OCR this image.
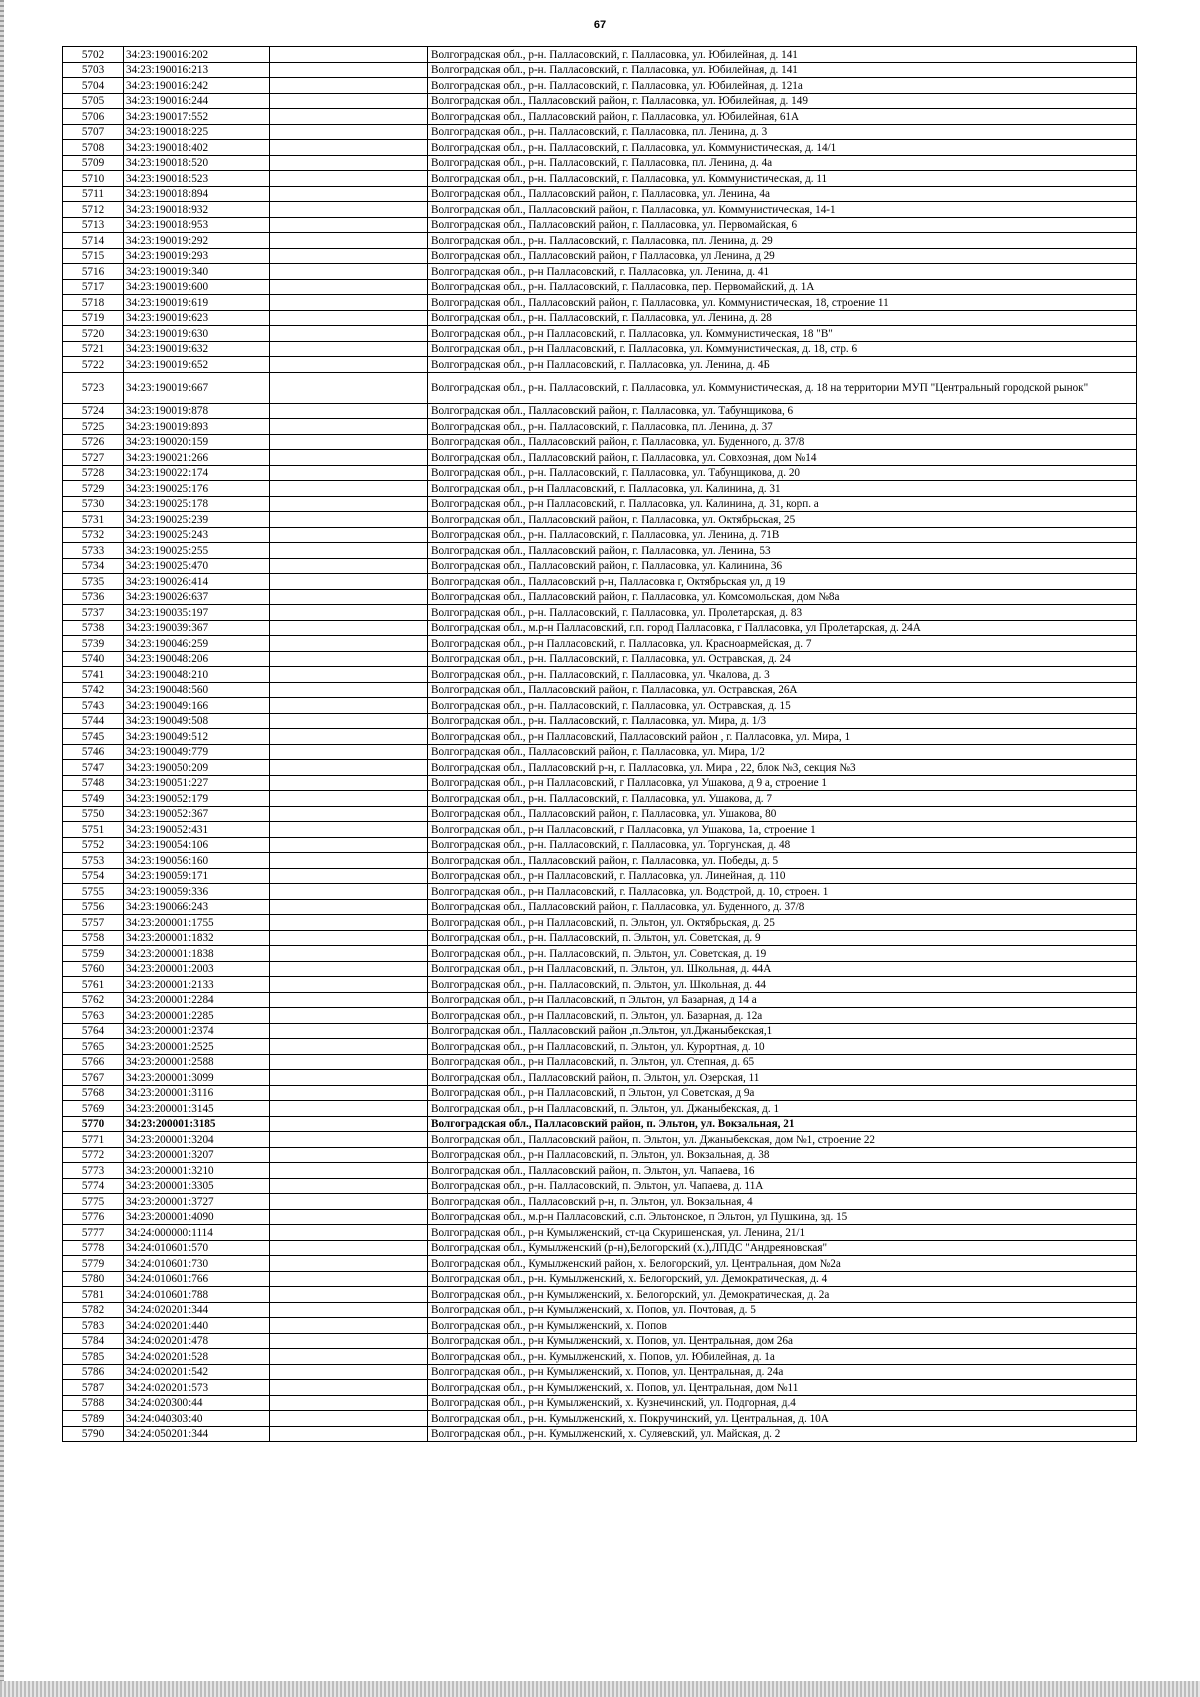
67
5702	34:23:190016:202		Волгоградская обл., р-н. Палласовский, г. Палласовка, ул. Юбилейная, д. 141
5703	34:23:190016:213		Волгоградская обл., р-н. Палласовский, г. Палласовка, ул. Юбилейная, д. 141
5704	34:23:190016:242		Волгоградская обл., р-н. Палласовский, г. Палласовка, ул. Юбилейная, д. 121а
5705	34:23:190016:244		Волгоградская обл., Палласовский район, г. Палласовка, ул. Юбилейная, д. 149
5706	34:23:190017:552		Волгоградская обл., Палласовский район, г. Палласовка, ул. Юбилейная, 61А
5707	34:23:190018:225		Волгоградская обл., р-н. Палласовский, г. Палласовка, пл. Ленина, д. 3
5708	34:23:190018:402		Волгоградская обл., р-н. Палласовский, г. Палласовка, ул. Коммунистическая, д. 14/1
5709	34:23:190018:520		Волгоградская обл., р-н. Палласовский, г. Палласовка, пл. Ленина, д. 4а
5710	34:23:190018:523		Волгоградская обл., р-н. Палласовский, г. Палласовка, ул. Коммунистическая, д. 11
5711	34:23:190018:894		Волгоградская обл., Палласовский район, г. Палласовка, ул. Ленина, 4а
5712	34:23:190018:932		Волгоградская обл., Палласовский район, г. Палласовка, ул. Коммунистическая, 14-1
5713	34:23:190018:953		Волгоградская обл., Палласовский район, г. Палласовка, ул. Первомайская, 6
5714	34:23:190019:292		Волгоградская обл., р-н. Палласовский, г. Палласовка, пл. Ленина, д. 29
5715	34:23:190019:293		Волгоградская обл., Палласовский район, г Палласовка, ул Ленина, д 29
5716	34:23:190019:340		Волгоградская обл., р-н Палласовский, г. Палласовка, ул. Ленина, д. 41
5717	34:23:190019:600		Волгоградская обл., р-н. Палласовский, г. Палласовка, пер. Первомайский, д. 1А
5718	34:23:190019:619		Волгоградская обл., Палласовский район, г. Палласовка, ул. Коммунистическая, 18, строение 11
5719	34:23:190019:623		Волгоградская обл., р-н. Палласовский, г. Палласовка, ул. Ленина, д. 28
5720	34:23:190019:630		Волгоградская обл., р-н Палласовский, г. Палласовка, ул. Коммунистическая, 18 "В"
5721	34:23:190019:632		Волгоградская обл., р-н Палласовский, г. Палласовка, ул. Коммунистическая, д. 18, стр. 6
5722	34:23:190019:652		Волгоградская обл., р-н Палласовский, г. Палласовка, ул. Ленина, д. 4Б
5723	34:23:190019:667		Волгоградская обл., р-н. Палласовский, г. Палласовка, ул. Коммунистическая, д. 18 на территории МУП "Центральный городской рынок"
5724	34:23:190019:878		Волгоградская обл., Палласовский район, г. Палласовка, ул. Табунщикова, 6
5725	34:23:190019:893		Волгоградская обл., р-н. Палласовский, г. Палласовка, пл. Ленина, д. 37
5726	34:23:190020:159		Волгоградская обл., Палласовский район, г. Палласовка, ул. Буденного, д. 37/8
5727	34:23:190021:266		Волгоградская обл., Палласовский район, г. Палласовка, ул. Совхозная, дом №14
5728	34:23:190022:174		Волгоградская обл., р-н. Палласовский, г. Палласовка, ул. Табунщикова, д. 20
5729	34:23:190025:176		Волгоградская обл., р-н Палласовский, г. Палласовка, ул. Калинина, д. 31
5730	34:23:190025:178		Волгоградская обл., р-н Палласовский, г. Палласовка, ул. Калинина, д. 31, корп. а
5731	34:23:190025:239		Волгоградская обл., Палласовский район, г. Палласовка, ул. Октябрьская, 25
5732	34:23:190025:243		Волгоградская обл., р-н. Палласовский, г. Палласовка, ул. Ленина, д. 71В
5733	34:23:190025:255		Волгоградская обл., Палласовский район, г. Палласовка, ул. Ленина, 53
5734	34:23:190025:470		Волгоградская обл., Палласовский район, г. Палласовка, ул. Калинина, 36
5735	34:23:190026:414		Волгоградская обл., Палласовский р-н, Палласовка г, Октябрьская ул, д 19
5736	34:23:190026:637		Волгоградская обл., Палласовский район, г. Палласовка, ул. Комсомольская, дом №8а
5737	34:23:190035:197		Волгоградская обл., р-н. Палласовский, г. Палласовка, ул. Пролетарская, д. 83
5738	34:23:190039:367		Волгоградская обл., м.р-н Палласовский, г.п. город Палласовка, г Палласовка, ул Пролетарская, д. 24А
5739	34:23:190046:259		Волгоградская обл., р-н Палласовский, г. Палласовка, ул. Красноармейская, д. 7
5740	34:23:190048:206		Волгоградская обл., р-н. Палласовский, г. Палласовка, ул. Остравская, д. 24
5741	34:23:190048:210		Волгоградская обл., р-н. Палласовский, г. Палласовка, ул. Чкалова, д. 3
5742	34:23:190048:560		Волгоградская обл., Палласовский район, г. Палласовка, ул. Остравская, 26А
5743	34:23:190049:166		Волгоградская обл., р-н. Палласовский, г. Палласовка, ул. Остравская, д. 15
5744	34:23:190049:508		Волгоградская обл., р-н. Палласовский, г. Палласовка, ул. Мира, д. 1/3
5745	34:23:190049:512		Волгоградская обл., р-н Палласовский, Палласовский район , г. Палласовка, ул. Мира, 1
5746	34:23:190049:779		Волгоградская обл., Палласовский район, г. Палласовка, ул. Мира, 1/2
5747	34:23:190050:209		Волгоградская обл., Палласовский р-н, г. Палласовка, ул. Мира , 22, блок №3, секция №3
5748	34:23:190051:227		Волгоградская обл., р-н Палласовский, г Палласовка, ул Ушакова, д 9 а, строение 1
5749	34:23:190052:179		Волгоградская обл., р-н. Палласовский, г. Палласовка, ул. Ушакова, д. 7
5750	34:23:190052:367		Волгоградская обл., Палласовский район, г. Палласовка, ул. Ушакова, 80
5751	34:23:190052:431		Волгоградская обл., р-н Палласовский, г Палласовка, ул Ушакова, 1а, строение 1
5752	34:23:190054:106		Волгоградская обл., р-н. Палласовский, г. Палласовка, ул. Торгунская, д. 48
5753	34:23:190056:160		Волгоградская обл., Палласовский район, г. Палласовка, ул. Победы, д. 5
5754	34:23:190059:171		Волгоградская обл., р-н Палласовский, г. Палласовка, ул. Линейная, д. 110
5755	34:23:190059:336		Волгоградская обл., р-н Палласовский, г. Палласовка, ул. Водстрой, д. 10, строен. 1
5756	34:23:190066:243		Волгоградская обл., Палласовский район, г. Палласовка, ул. Буденного, д. 37/8
5757	34:23:200001:1755		Волгоградская обл., р-н Палласовский, п. Эльтон, ул. Октябрьская, д. 25
5758	34:23:200001:1832		Волгоградская обл., р-н. Палласовский, п. Эльтон, ул. Советская, д. 9
5759	34:23:200001:1838		Волгоградская обл., р-н. Палласовский, п. Эльтон, ул. Советская, д. 19
5760	34:23:200001:2003		Волгоградская обл., р-н Палласовский, п. Эльтон, ул. Школьная, д. 44А
5761	34:23:200001:2133		Волгоградская обл., р-н. Палласовский, п. Эльтон, ул. Школьная, д. 44
5762	34:23:200001:2284		Волгоградская обл., р-н Палласовский, п Эльтон, ул Базарная, д 14 а
5763	34:23:200001:2285		Волгоградская обл., р-н Палласовский, п. Эльтон, ул. Базарная, д. 12а
5764	34:23:200001:2374		Волгоградская обл., Палласовский район ,п.Эльтон, ул.Джаныбекская,1
5765	34:23:200001:2525		Волгоградская обл., р-н Палласовский, п. Эльтон, ул. Курортная, д. 10
5766	34:23:200001:2588		Волгоградская обл., р-н Палласовский, п. Эльтон, ул. Степная, д. 65
5767	34:23:200001:3099		Волгоградская обл., Палласовский район, п. Эльтон, ул. Озерская, 11
5768	34:23:200001:3116		Волгоградская обл., р-н Палласовский, п Эльтон, ул Советская, д 9а
5769	34:23:200001:3145		Волгоградская обл., р-н Палласовский, п. Эльтон, ул. Джаныбекская, д. 1
5770	34:23:200001:3185		Волгоградская обл., Палласовский район, п. Эльтон, ул. Вокзальная, 21
5771	34:23:200001:3204		Волгоградская обл., Палласовский район, п. Эльтон, ул. Джаныбекская, дом №1, строение 22
5772	34:23:200001:3207		Волгоградская обл., р-н Палласовский, п. Эльтон, ул. Вокзальная, д. 38
5773	34:23:200001:3210		Волгоградская обл., Палласовский район, п. Эльтон, ул. Чапаева, 16
5774	34:23:200001:3305		Волгоградская обл., р-н. Палласовский, п. Эльтон, ул. Чапаева, д. 11А
5775	34:23:200001:3727		Волгоградская обл., Палласовский р-н, п. Эльтон, ул. Вокзальная, 4
5776	34:23:200001:4090		Волгоградская обл., м.р-н Палласовский, с.п. Эльтонское, п Эльтон, ул Пушкина, зд. 15
5777	34:24:000000:1114		Волгоградская обл., р-н Кумылженский, ст-ца Скуришенская, ул. Ленина, 21/1
5778	34:24:010601:570		Волгоградская обл., Кумылженский (р-н),Белогорский (х.),ЛПДС "Андреяновская"
5779	34:24:010601:730		Волгоградская обл., Кумылженский район, х. Белогорский, ул. Центральная, дом №2а
5780	34:24:010601:766		Волгоградская обл., р-н. Кумылженский, х. Белогорский, ул. Демократическая, д. 4
5781	34:24:010601:788		Волгоградская обл., р-н Кумылженский, х. Белогорский, ул. Демократическая, д. 2а
5782	34:24:020201:344		Волгоградская обл., р-н Кумылженский, х. Попов, ул. Почтовая, д. 5
5783	34:24:020201:440		Волгоградская обл., р-н Кумылженский, х. Попов
5784	34:24:020201:478		Волгоградская обл., р-н Кумылженский, х. Попов, ул. Центральная, дом 26а
5785	34:24:020201:528		Волгоградская обл., р-н. Кумылженский, х. Попов, ул. Юбилейная, д. 1а
5786	34:24:020201:542		Волгоградская обл., р-н Кумылженский, х. Попов, ул. Центральная, д. 24а
5787	34:24:020201:573		Волгоградская обл., р-н Кумылженский, х. Попов, ул. Центральная, дом №11
5788	34:24:020300:44		Волгоградская обл., р-н Кумылженский, х. Кузнечинский, ул. Подгорная, д.4
5789	34:24:040303:40		Волгоградская обл., р-н. Кумылженский, х. Покручинский, ул. Центральная, д. 10А
5790	34:24:050201:344		Волгоградская обл., р-н. Кумылженский, х. Суляевский, ул. Майская, д. 2
